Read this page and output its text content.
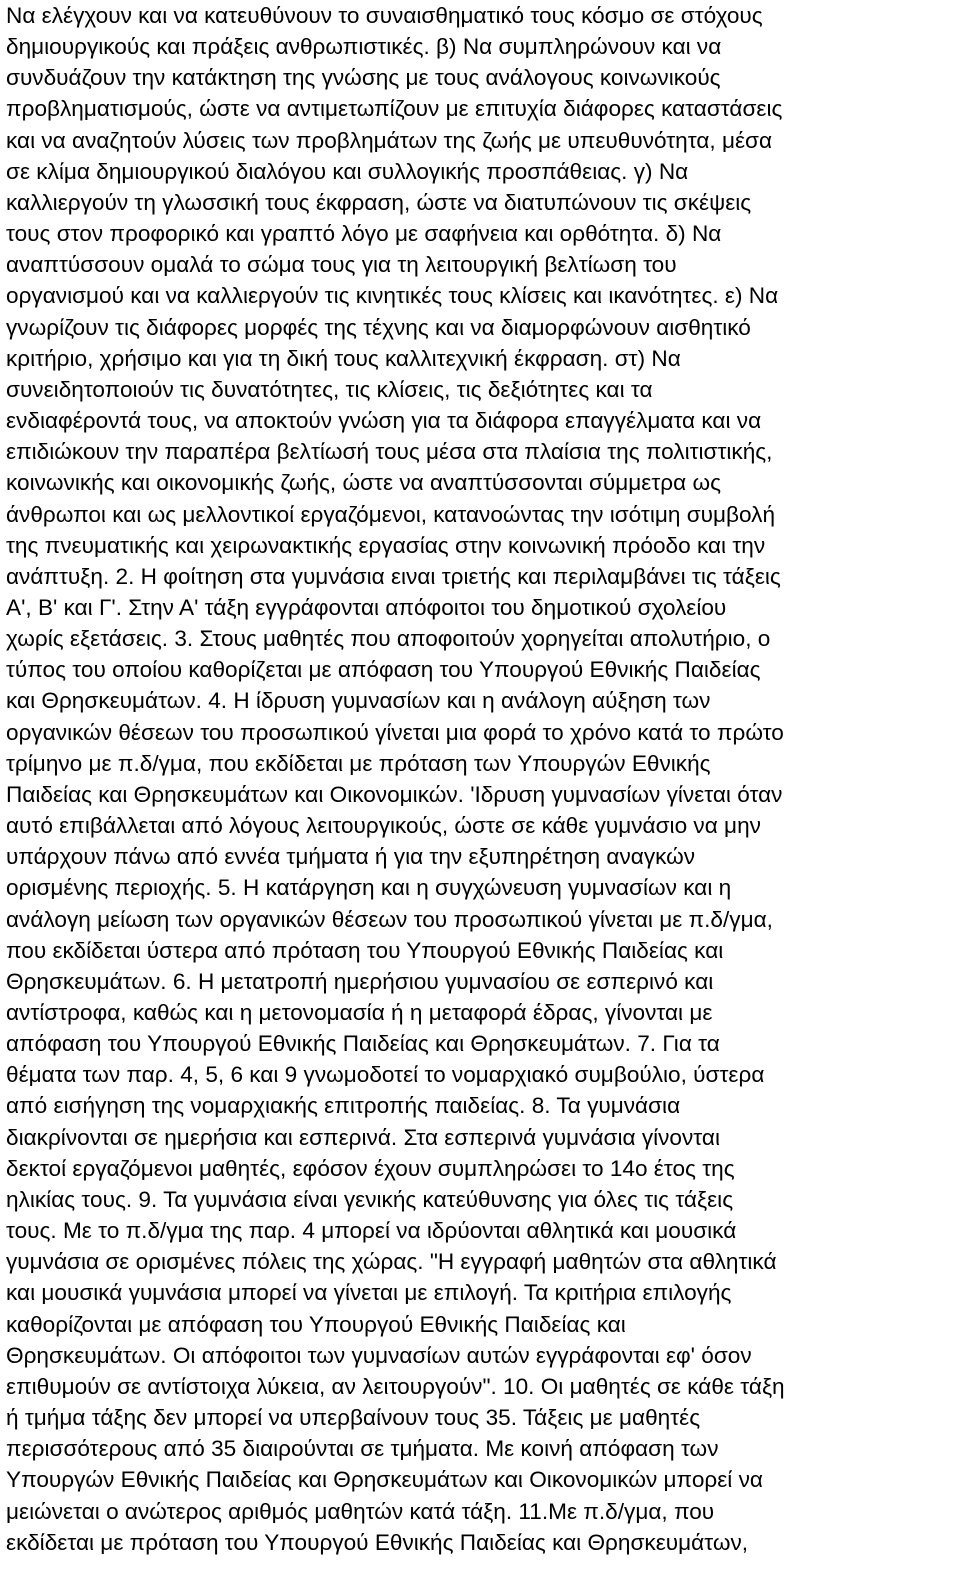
Να ελέγχουν και να κατευθύνουν το συναισθηματικό τους κόσμο σε στόχους
δημιουργικούς και πράξεις ανθρωπιστικές. β) Να συμπληρώνουν και να
συνδυάζουν την κατάκτηση της γνώσης με τους ανάλογους κοινωνικούς
προβληματισμούς, ώστε να αντιμετωπίζουν με επιτυχία διάφορες καταστάσεις
και να αναζητούν λύσεις των προβλημάτων της ζωής με υπευθυνότητα, μέσα
σε κλίμα δημιουργικού διαλόγου και συλλογικής προσπάθειας. γ) Να
καλλιεργούν τη γλωσσική τους έκφραση, ώστε να διατυπώνουν τις σκέψεις
τους στον προφορικό και γραπτό λόγο με σαφήνεια και ορθότητα. δ) Να
αναπτύσσουν ομαλά το σώμα τους για τη λειτουργική βελτίωση του
οργανισμού και να καλλιεργούν τις κινητικές τους κλίσεις και ικανότητες. ε) Να
γνωρίζουν τις διάφορες μορφές της τέχνης και να διαμορφώνουν αισθητικό
κριτήριο, χρήσιμο και για τη δική τους καλλιτεχνική έκφραση. στ) Να
συνειδητοποιούν τις δυνατότητες, τις κλίσεις, τις δεξιότητες και τα
ενδιαφέροντά τους, να αποκτούν γνώση για τα διάφορα επαγγέλματα και να
επιδιώκουν την παραπέρα βελτίωσή τους μέσα στα πλαίσια της πολιτιστικής,
κοινωνικής και οικονομικής ζωής, ώστε να αναπτύσσονται σύμμετρα ως
άνθρωποι και ως μελλοντικοί εργαζόμενοι, κατανοώντας την ισότιμη συμβολή
της πνευματικής και χειρωνακτικής εργασίας στην κοινωνική πρόοδο και την
ανάπτυξη. 2. Η φοίτηση στα γυμνάσια ειναι τριετής και περιλαμβάνει τις τάξεις
Α', Β' και Γ'. Στην Α' τάξη εγγράφονται απόφοιτοι του δημοτικού σχολείου
χωρίς εξετάσεις. 3. Στους μαθητές που αποφοιτούν χορηγείται απολυτήριο, ο
τύπος του οποίου καθορίζεται με απόφαση του Υπουργού Εθνικής Παιδείας
και Θρησκευμάτων. 4. Η ίδρυση γυμνασίων και η ανάλογη αύξηση των
οργανικών θέσεων του προσωπικού γίνεται μια φορά το χρόνο κατά το πρώτο
τρίμηνο με π.δ/γμα, που εκδίδεται με πρόταση των Υπουργών Εθνικής
Παιδείας και Θρησκευμάτων και Οικονομικών. 'Ιδρυση γυμνασίων γίνεται όταν
αυτό επιβάλλεται από λόγους λειτουργικούς, ώστε σε κάθε γυμνάσιο να μην
υπάρχουν πάνω από εννέα τμήματα ή για την εξυπηρέτηση αναγκών
ορισμένης περιοχής. 5. Η κατάργηση και η συγχώνευση γυμνασίων και η
ανάλογη μείωση των οργανικών θέσεων του προσωπικού γίνεται με π.δ/γμα,
που εκδίδεται ύστερα από πρόταση του Υπουργού Εθνικής Παιδείας και
Θρησκευμάτων. 6. Η μετατροπή ημερήσιου γυμνασίου σε εσπερινό και
αντίστροφα, καθώς και η μετονομασία ή η μεταφορά έδρας, γίνονται με
απόφαση του Υπουργού Εθνικής Παιδείας και Θρησκευμάτων. 7. Για τα
θέματα των παρ. 4, 5, 6 και 9 γνωμοδοτεί το νομαρχιακό συμβούλιο, ύστερα
από εισήγηση της νομαρχιακής επιτροπής παιδείας. 8. Τα γυμνάσια
διακρίνονται σε ημερήσια και εσπερινά. Στα εσπερινά γυμνάσια γίνονται
δεκτοί εργαζόμενοι μαθητές, εφόσον έχουν συμπληρώσει το 14ο έτος της
ηλικίας τους. 9. Τα γυμνάσια είναι γενικής κατεύθυνσης για όλες τις τάξεις
τους. Με το π.δ/γμα της παρ. 4 μπορεί να ιδρύονται αθλητικά και μουσικά
γυμνάσια σε ορισμένες πόλεις της χώρας. "Η εγγραφή μαθητών στα αθλητικά
και μουσικά γυμνάσια μπορεί να γίνεται με επιλογή. Τα κριτήρια επιλογής
καθορίζονται με απόφαση του Υπουργού Εθνικής Παιδείας και
Θρησκευμάτων. Οι απόφοιτοι των γυμνασίων αυτών εγγράφονται εφ' όσον
επιθυμούν σε αντίστοιχα λύκεια, αν λειτουργούν". 10. Οι μαθητές σε κάθε τάξη
ή τμήμα τάξης δεν μπορεί να υπερβαίνουν τους 35. Τάξεις με μαθητές
περισσότερους από 35 διαιρούνται σε τμήματα. Με κοινή απόφαση των
Υπουργών Εθνικής Παιδείας και Θρησκευμάτων και Οικονομικών μπορεί να
μειώνεται ο ανώτερος αριθμός μαθητών κατά τάξη. 11.Με π.δ/γμα, που
εκδίδεται με πρόταση του Υπουργού Εθνικής Παιδείας και Θρησκευμάτων,
